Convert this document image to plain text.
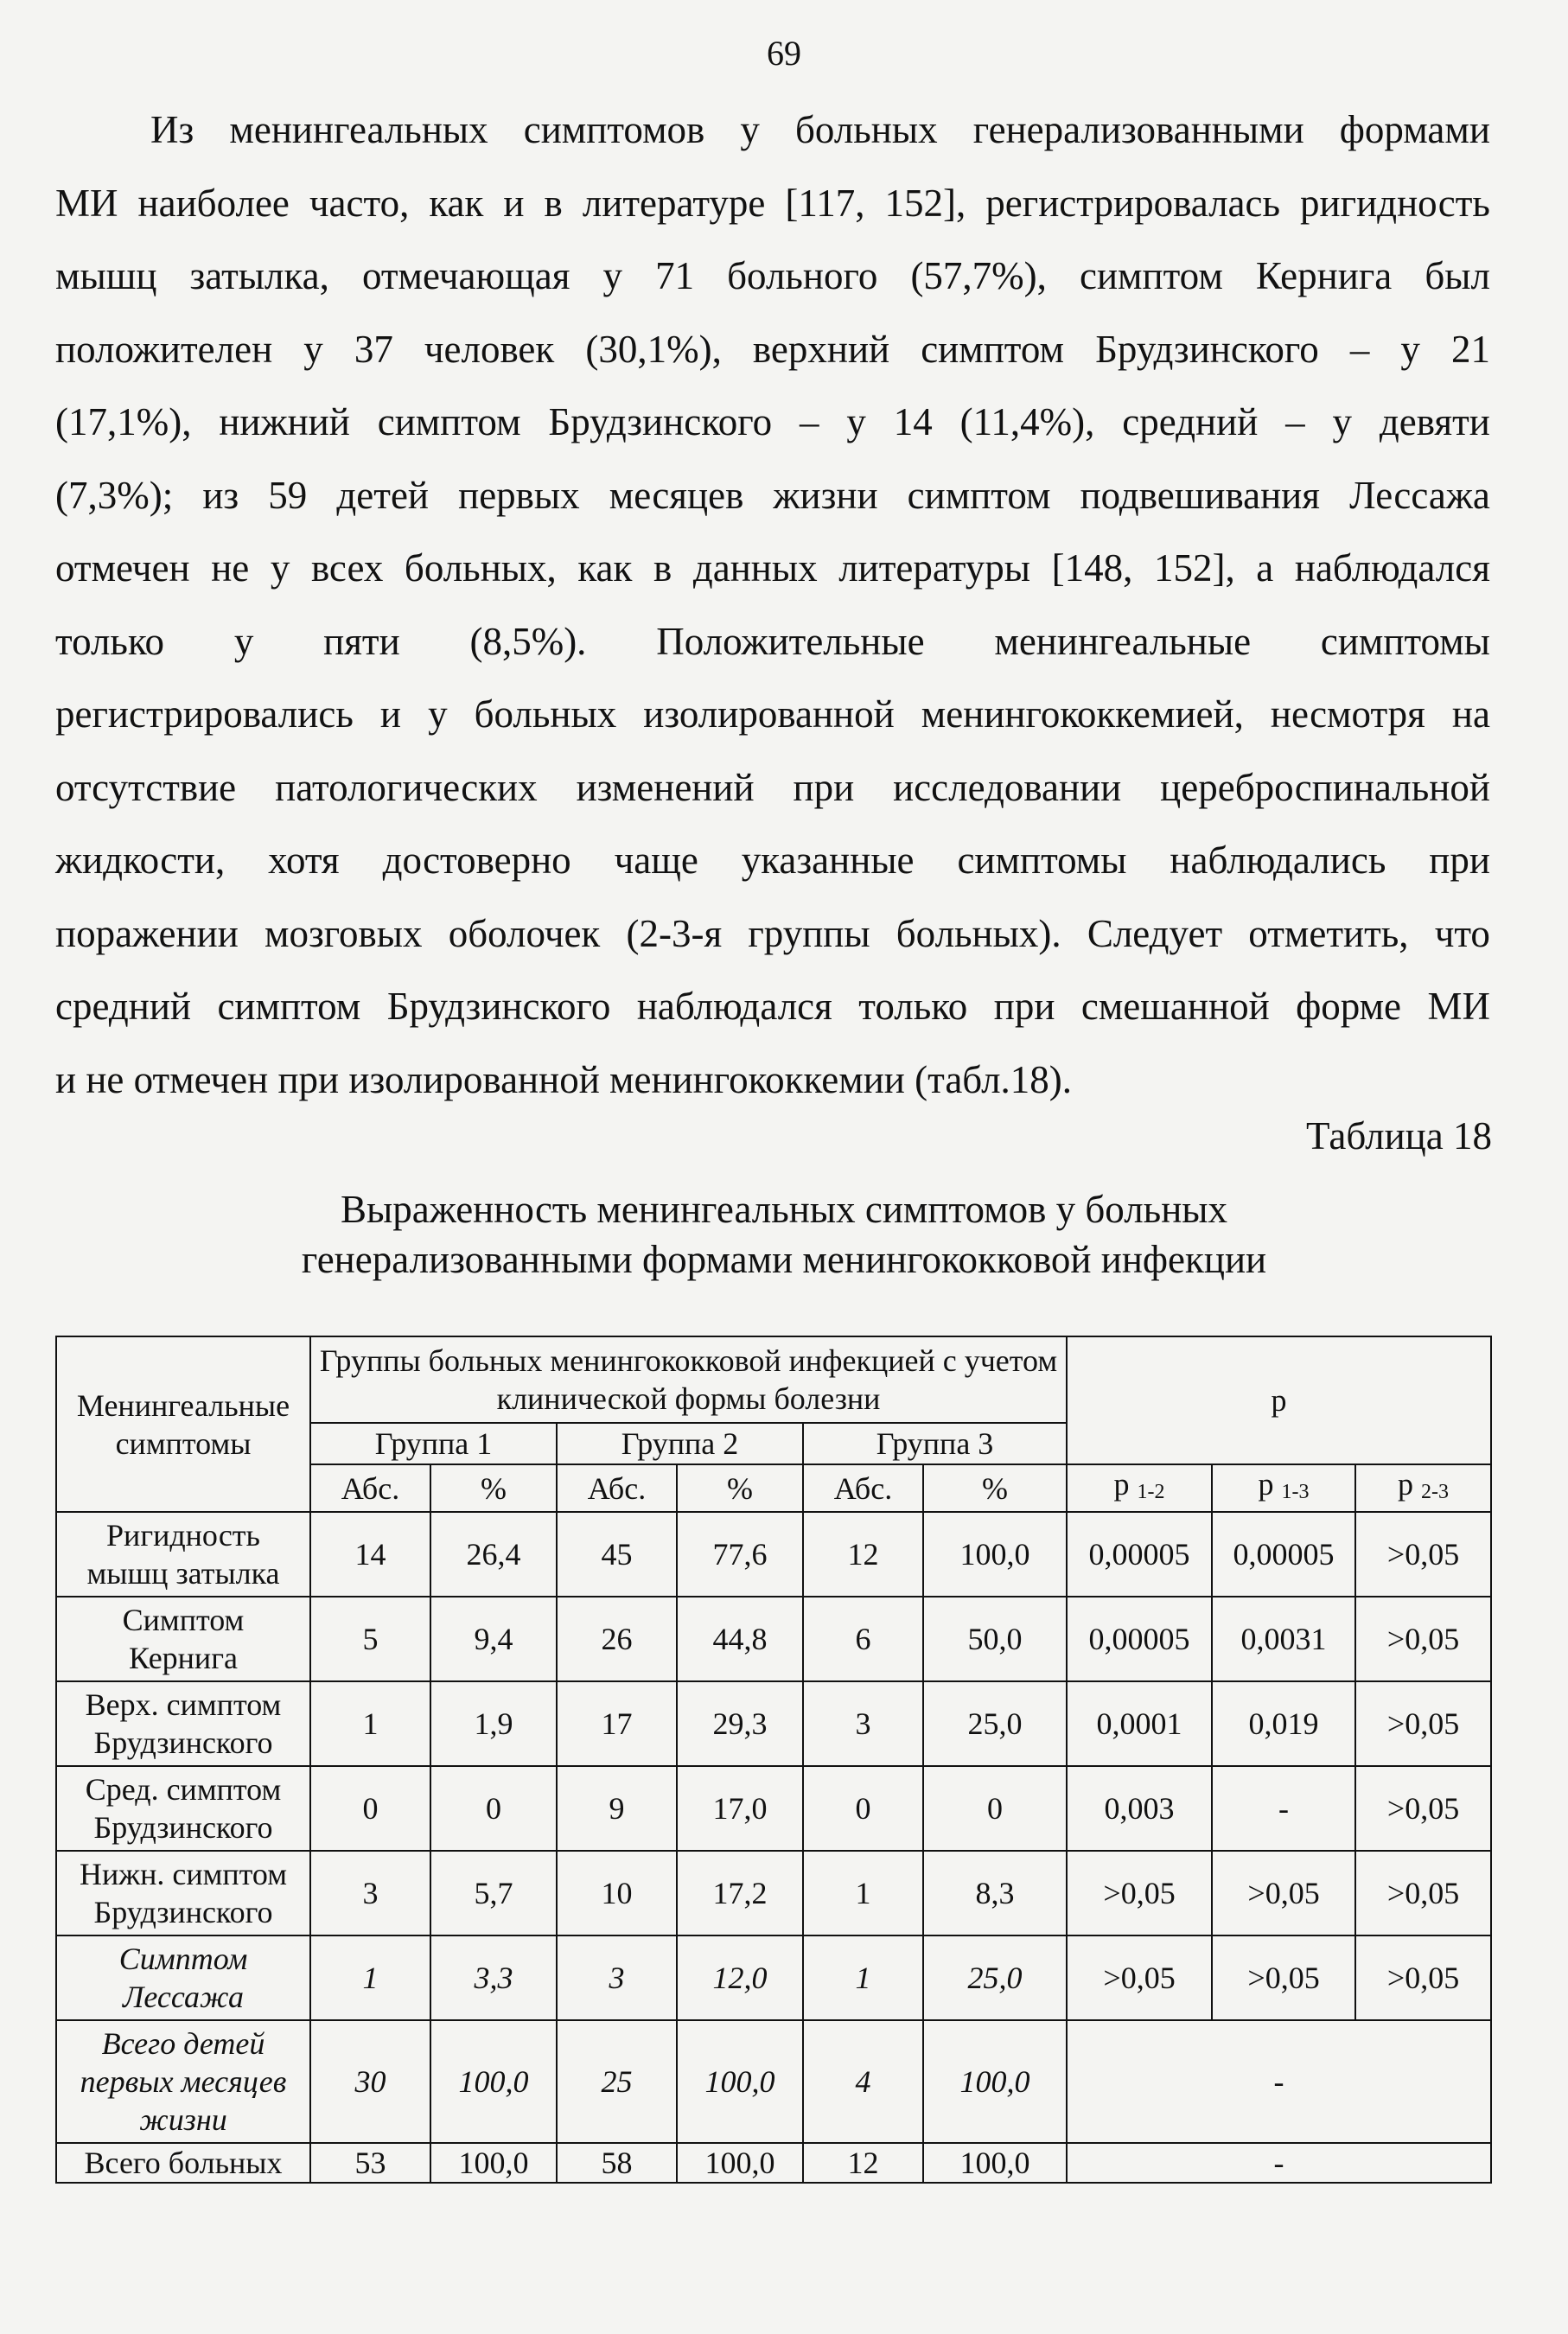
69
Из менингеальных симптомов у больных генерализованными формами
МИ наиболее часто, как и в литературе [117, 152], регистрировалась ригидность
мышц затылка, отмечающая у 71 больного (57,7%), симптом Кернига был
положителен у 37 человек (30,1%), верхний симптом Брудзинского – у 21
(17,1%), нижний симптом Брудзинского – у 14 (11,4%), средний – у девяти
(7,3%); из 59 детей первых месяцев жизни симптом подвешивания Лессажа
отмечен не у всех больных, как в данных литературы [148, 152], а наблюдался
только у пяти (8,5%). Положительные менингеальные симптомы
регистрировались и у больных изолированной менингококкемией, несмотря на
отсутствие патологических изменений при исследовании цереброспинальной
жидкости, хотя достоверно чаще указанные симптомы наблюдались при
поражении мозговых оболочек (2-3-я группы больных). Следует отметить, что
средний симптом Брудзинского наблюдался только при смешанной форме МИ
и не отмечен при изолированной менингококкемии (табл.18).
Таблица 18
Выраженность менингеальных симптомов у больных
генерализованными формами менингококковой инфекции
Менингеальные симптомы	Группы больных менингококковой инфекцией с учетом клинической формы болезни						р		
	Группа 1		Группа 2		Группа 3				
	Абс.	%	Абс.	%	Абс.	%	р $_{1-2}$	р $_{1-3}$	р $_{2-3}$

Ригидность
мышц затылка	14	26,4	45	77,6	12	100,0	0,00005	0,00005	>0,05

Симптом
Кернига	5	9,4	26	44,8	6	50,0	0,00005	0,0031	>0,05

Верх. симптом
Брудзинского	1	1,9	17	29,3	3	25,0	0,0001	0,019	>0,05

Сред. симптом
Брудзинского	0	0	9	17,0	0	0	0,003	-	>0,05

Нижн. симптом
Брудзинского	3	5,7	10	17,2	1	8,3	>0,05	>0,05	>0,05

Симптом
Лессажа	1	3,3	3	12,0	1	25,0	>0,05	>0,05	>0,05

Всего детей
первых месяцев
жизни	30	100,0	25	100,0	4	100,0	-		

Всего больных	53	100,0	58	100,0	12	100,0	-		
